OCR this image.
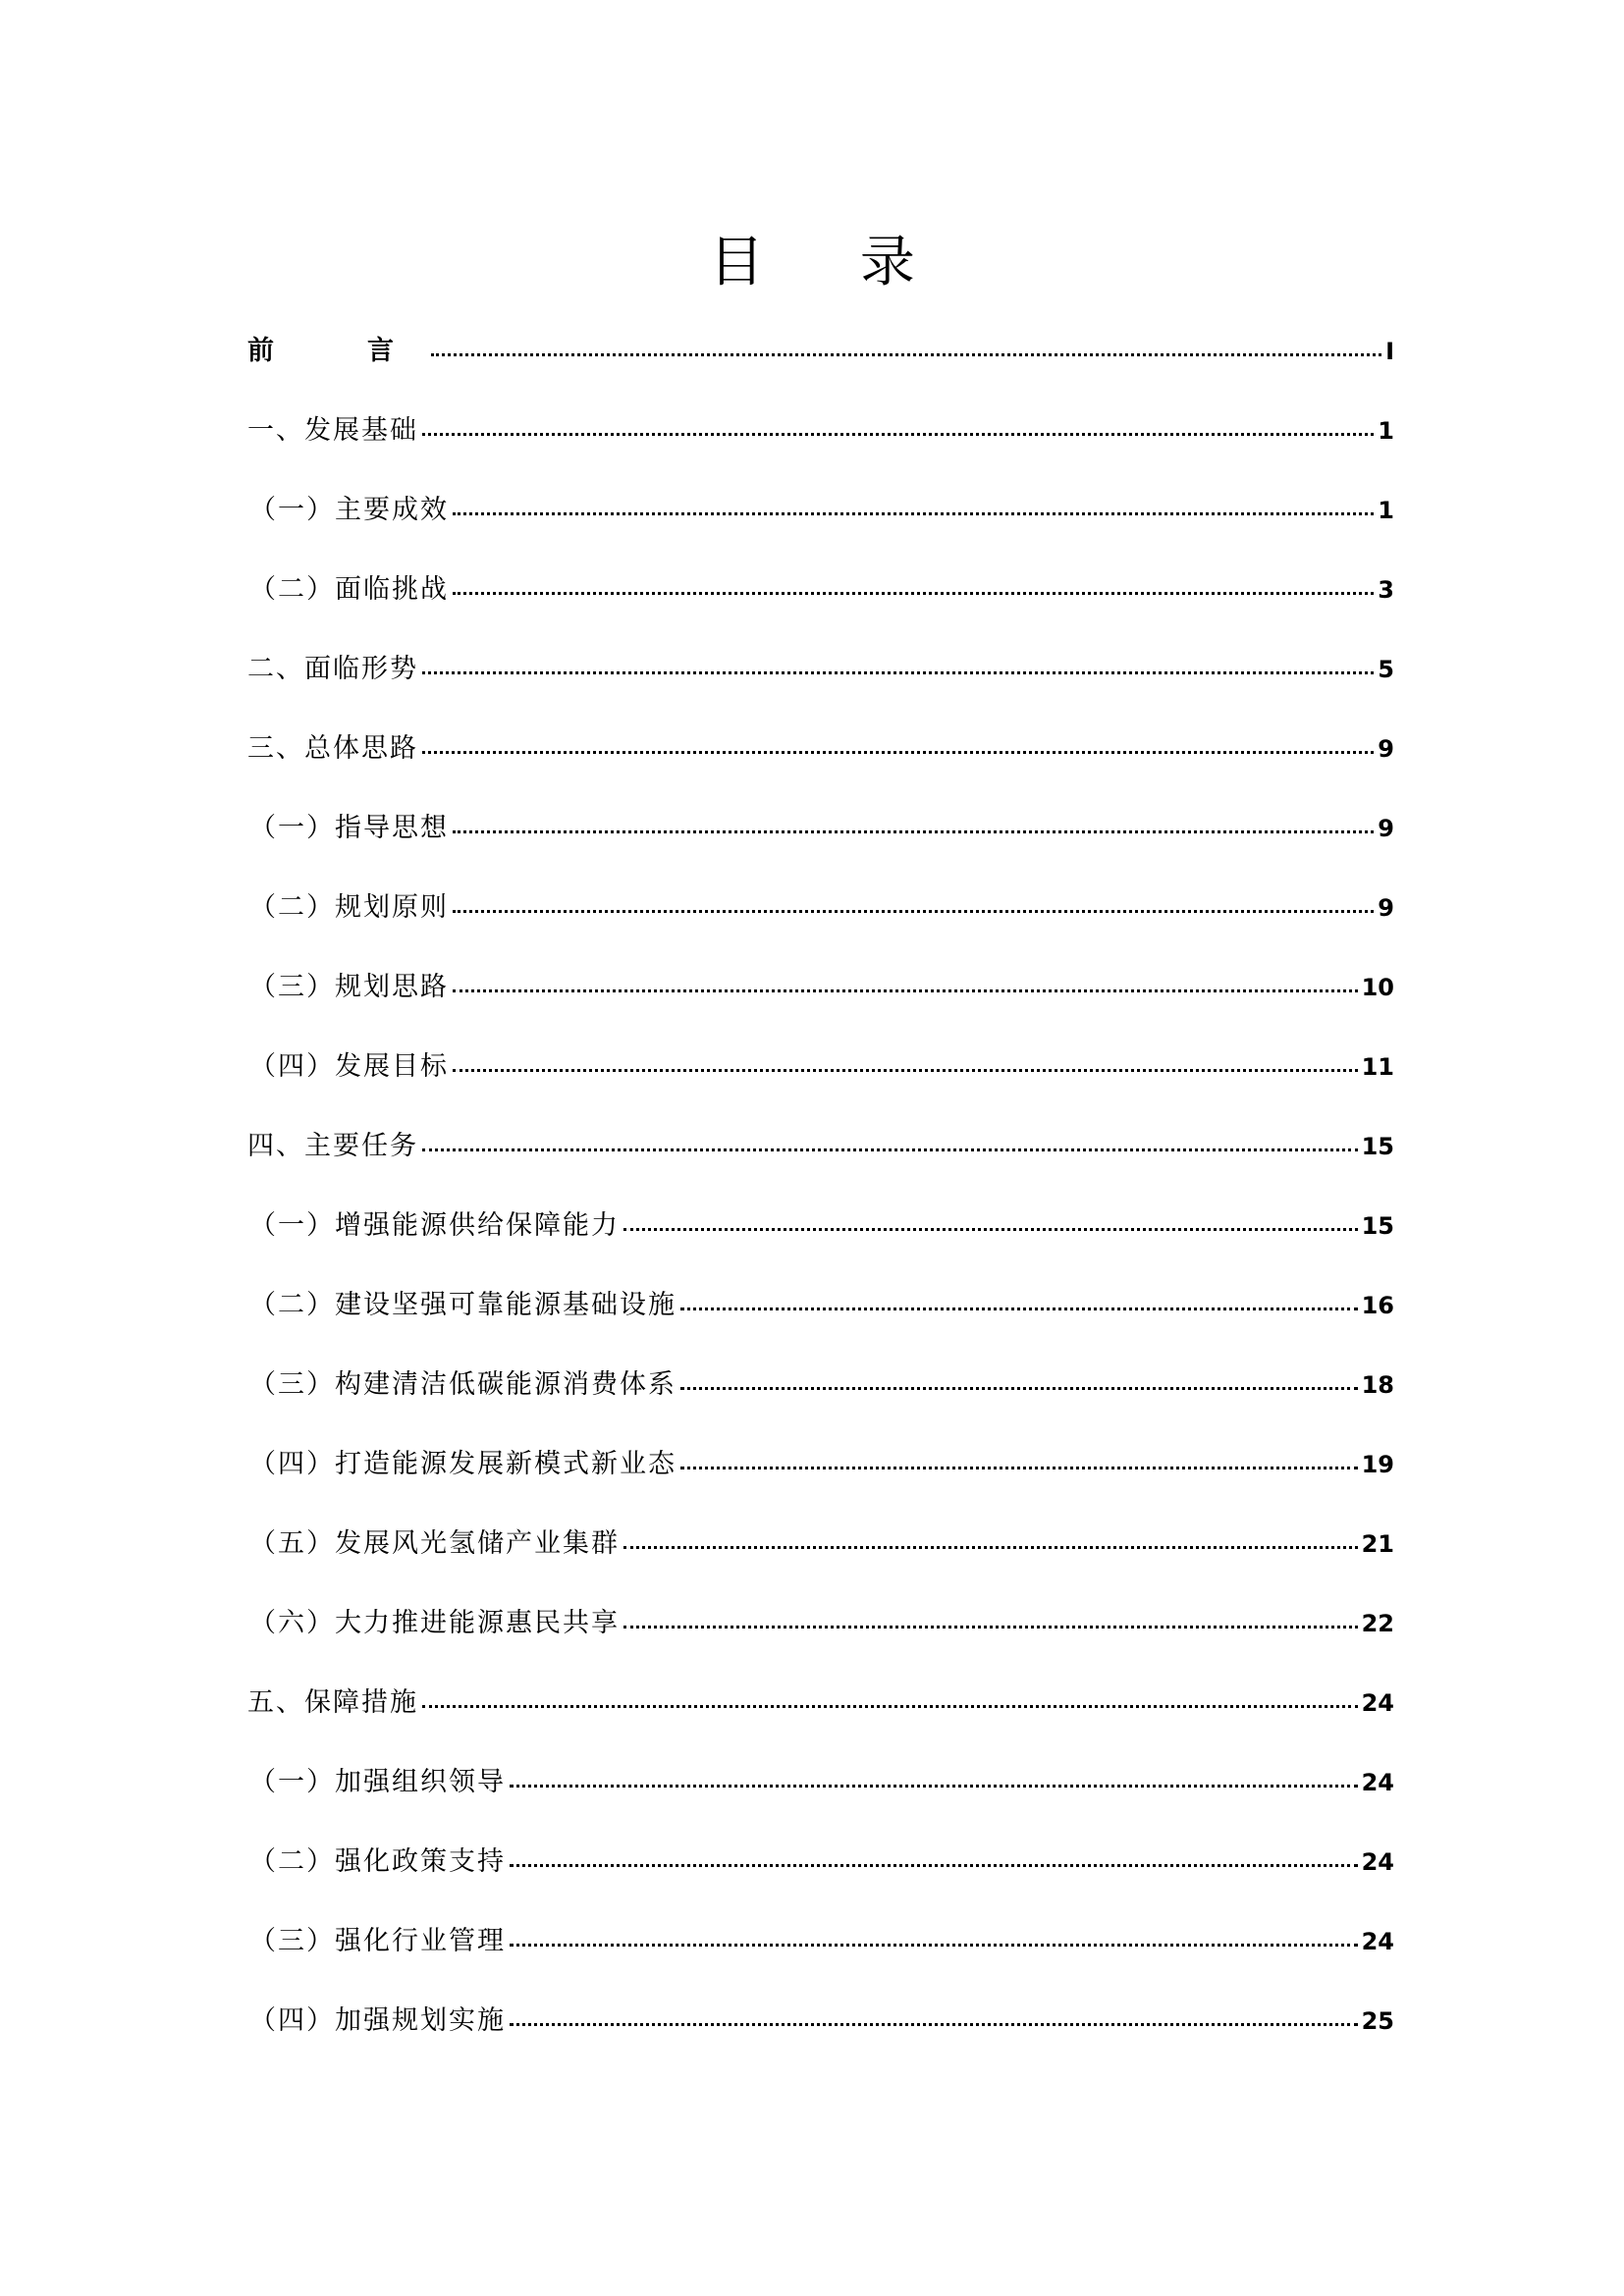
目 录
前　言	I
一、发展基础	1
（一）主要成效	1
（二）面临挑战	3
二、面临形势	5
三、总体思路	9
（一）指导思想	9
（二）规划原则	9
（三）规划思路	10
（四）发展目标	11
四、主要任务	15
（一）增强能源供给保障能力	15
（二）建设坚强可靠能源基础设施	16
（三）构建清洁低碳能源消费体系	18
（四）打造能源发展新模式新业态	19
（五）发展风光氢储产业集群	21
（六）大力推进能源惠民共享	22
五、保障措施	24
（一）加强组织领导	24
（二）强化政策支持	24
（三）强化行业管理	24
（四）加强规划实施	25
